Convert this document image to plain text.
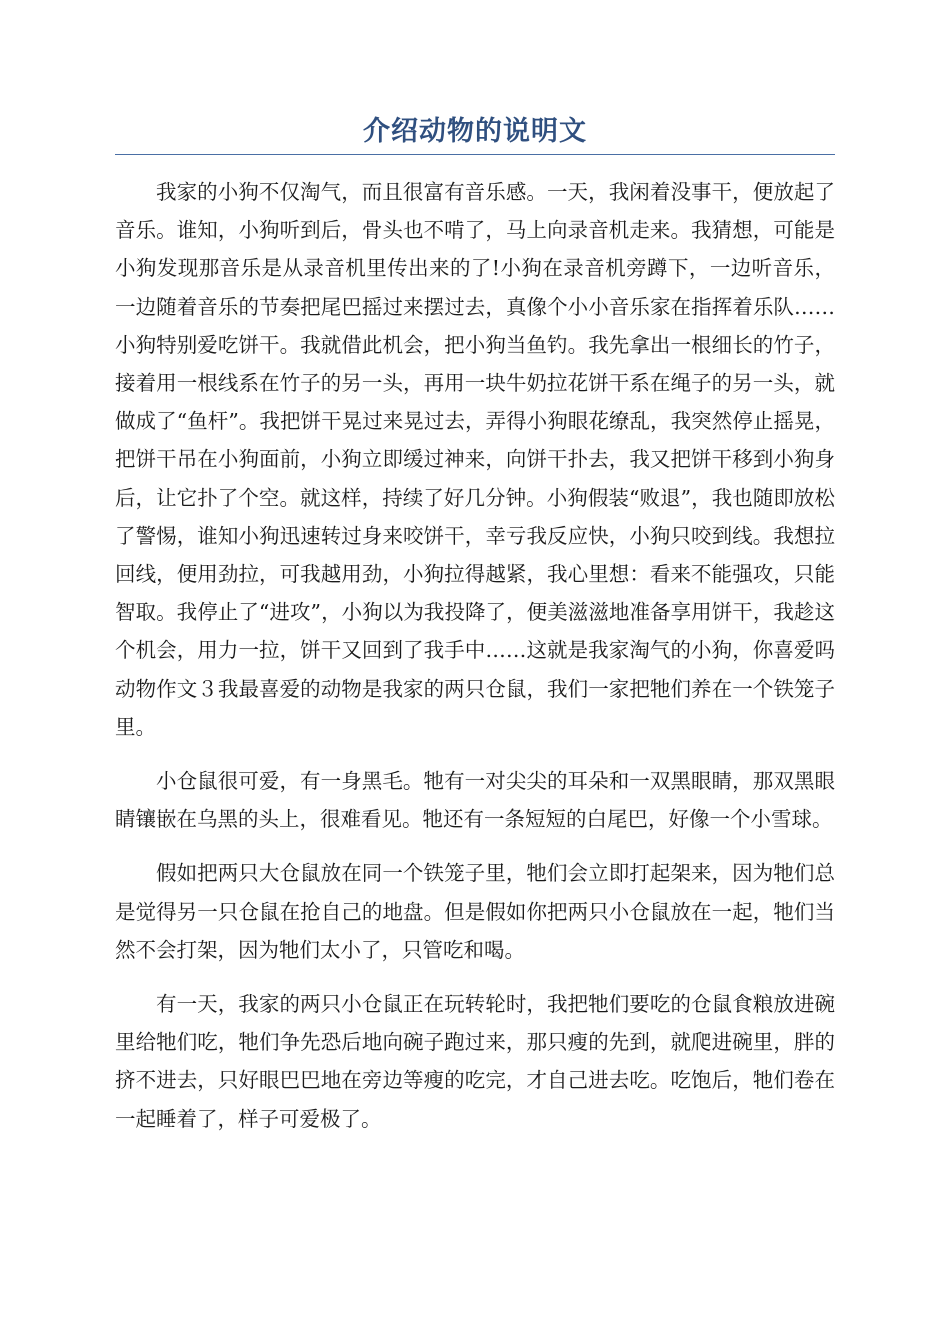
介绍动物的说明文

我家的小狗不仅淘气，而且很富有音乐感。一天，我闲着没事干，便放起了音乐。谁知，小狗听到后，骨头也不啃了，马上向录音机走来。我猜想，可能是小狗发现那音乐是从录音机里传出来的了!小狗在录音机旁蹲下，一边听音乐，一边随着音乐的节奏把尾巴摇过来摆过去，真像个小小音乐家在指挥着乐队……小狗特别爱吃饼干。我就借此机会，把小狗当鱼钓。我先拿出一根细长的竹子，接着用一根线系在竹子的另一头，再用一块牛奶拉花饼干系在绳子的另一头，就做成了“鱼杆”。我把饼干晃过来晃过去，弄得小狗眼花缭乱，我突然停止摇晃，把饼干吊在小狗面前，小狗立即缓过神来，向饼干扑去，我又把饼干移到小狗身后，让它扑了个空。就这样，持续了好几分钟。小狗假装“败退”，我也随即放松了警惕，谁知小狗迅速转过身来咬饼干，幸亏我反应快，小狗只咬到线。我想拉回线，便用劲拉，可我越用劲，小狗拉得越紧，我心里想：看来不能强攻，只能智取。我停止了“进攻”，小狗以为我投降了，便美滋滋地准备享用饼干，我趁这个机会，用力一拉，饼干又回到了我手中……这就是我家淘气的小狗，你喜爱吗动物作文３我最喜爱的动物是我家的两只仓鼠，我们一家把牠们养在一个铁笼子里。

小仓鼠很可爱，有一身黑毛。牠有一对尖尖的耳朵和一双黑眼睛，那双黑眼睛镶嵌在乌黑的头上，很难看见。牠还有一条短短的白尾巴，好像一个小雪球。

假如把两只大仓鼠放在同一个铁笼子里，牠们会立即打起架来，因为牠们总是觉得另一只仓鼠在抢自己的地盘。但是假如你把两只小仓鼠放在一起，牠们当然不会打架，因为牠们太小了，只管吃和喝。

有一天，我家的两只小仓鼠正在玩转轮时，我把牠们要吃的仓鼠食粮放进碗里给牠们吃，牠们争先恐后地向碗子跑过来，那只瘦的先到，就爬进碗里，胖的挤不进去，只好眼巴巴地在旁边等瘦的吃完，才自己进去吃。吃饱后，牠们卷在一起睡着了，样子可爱极了。
